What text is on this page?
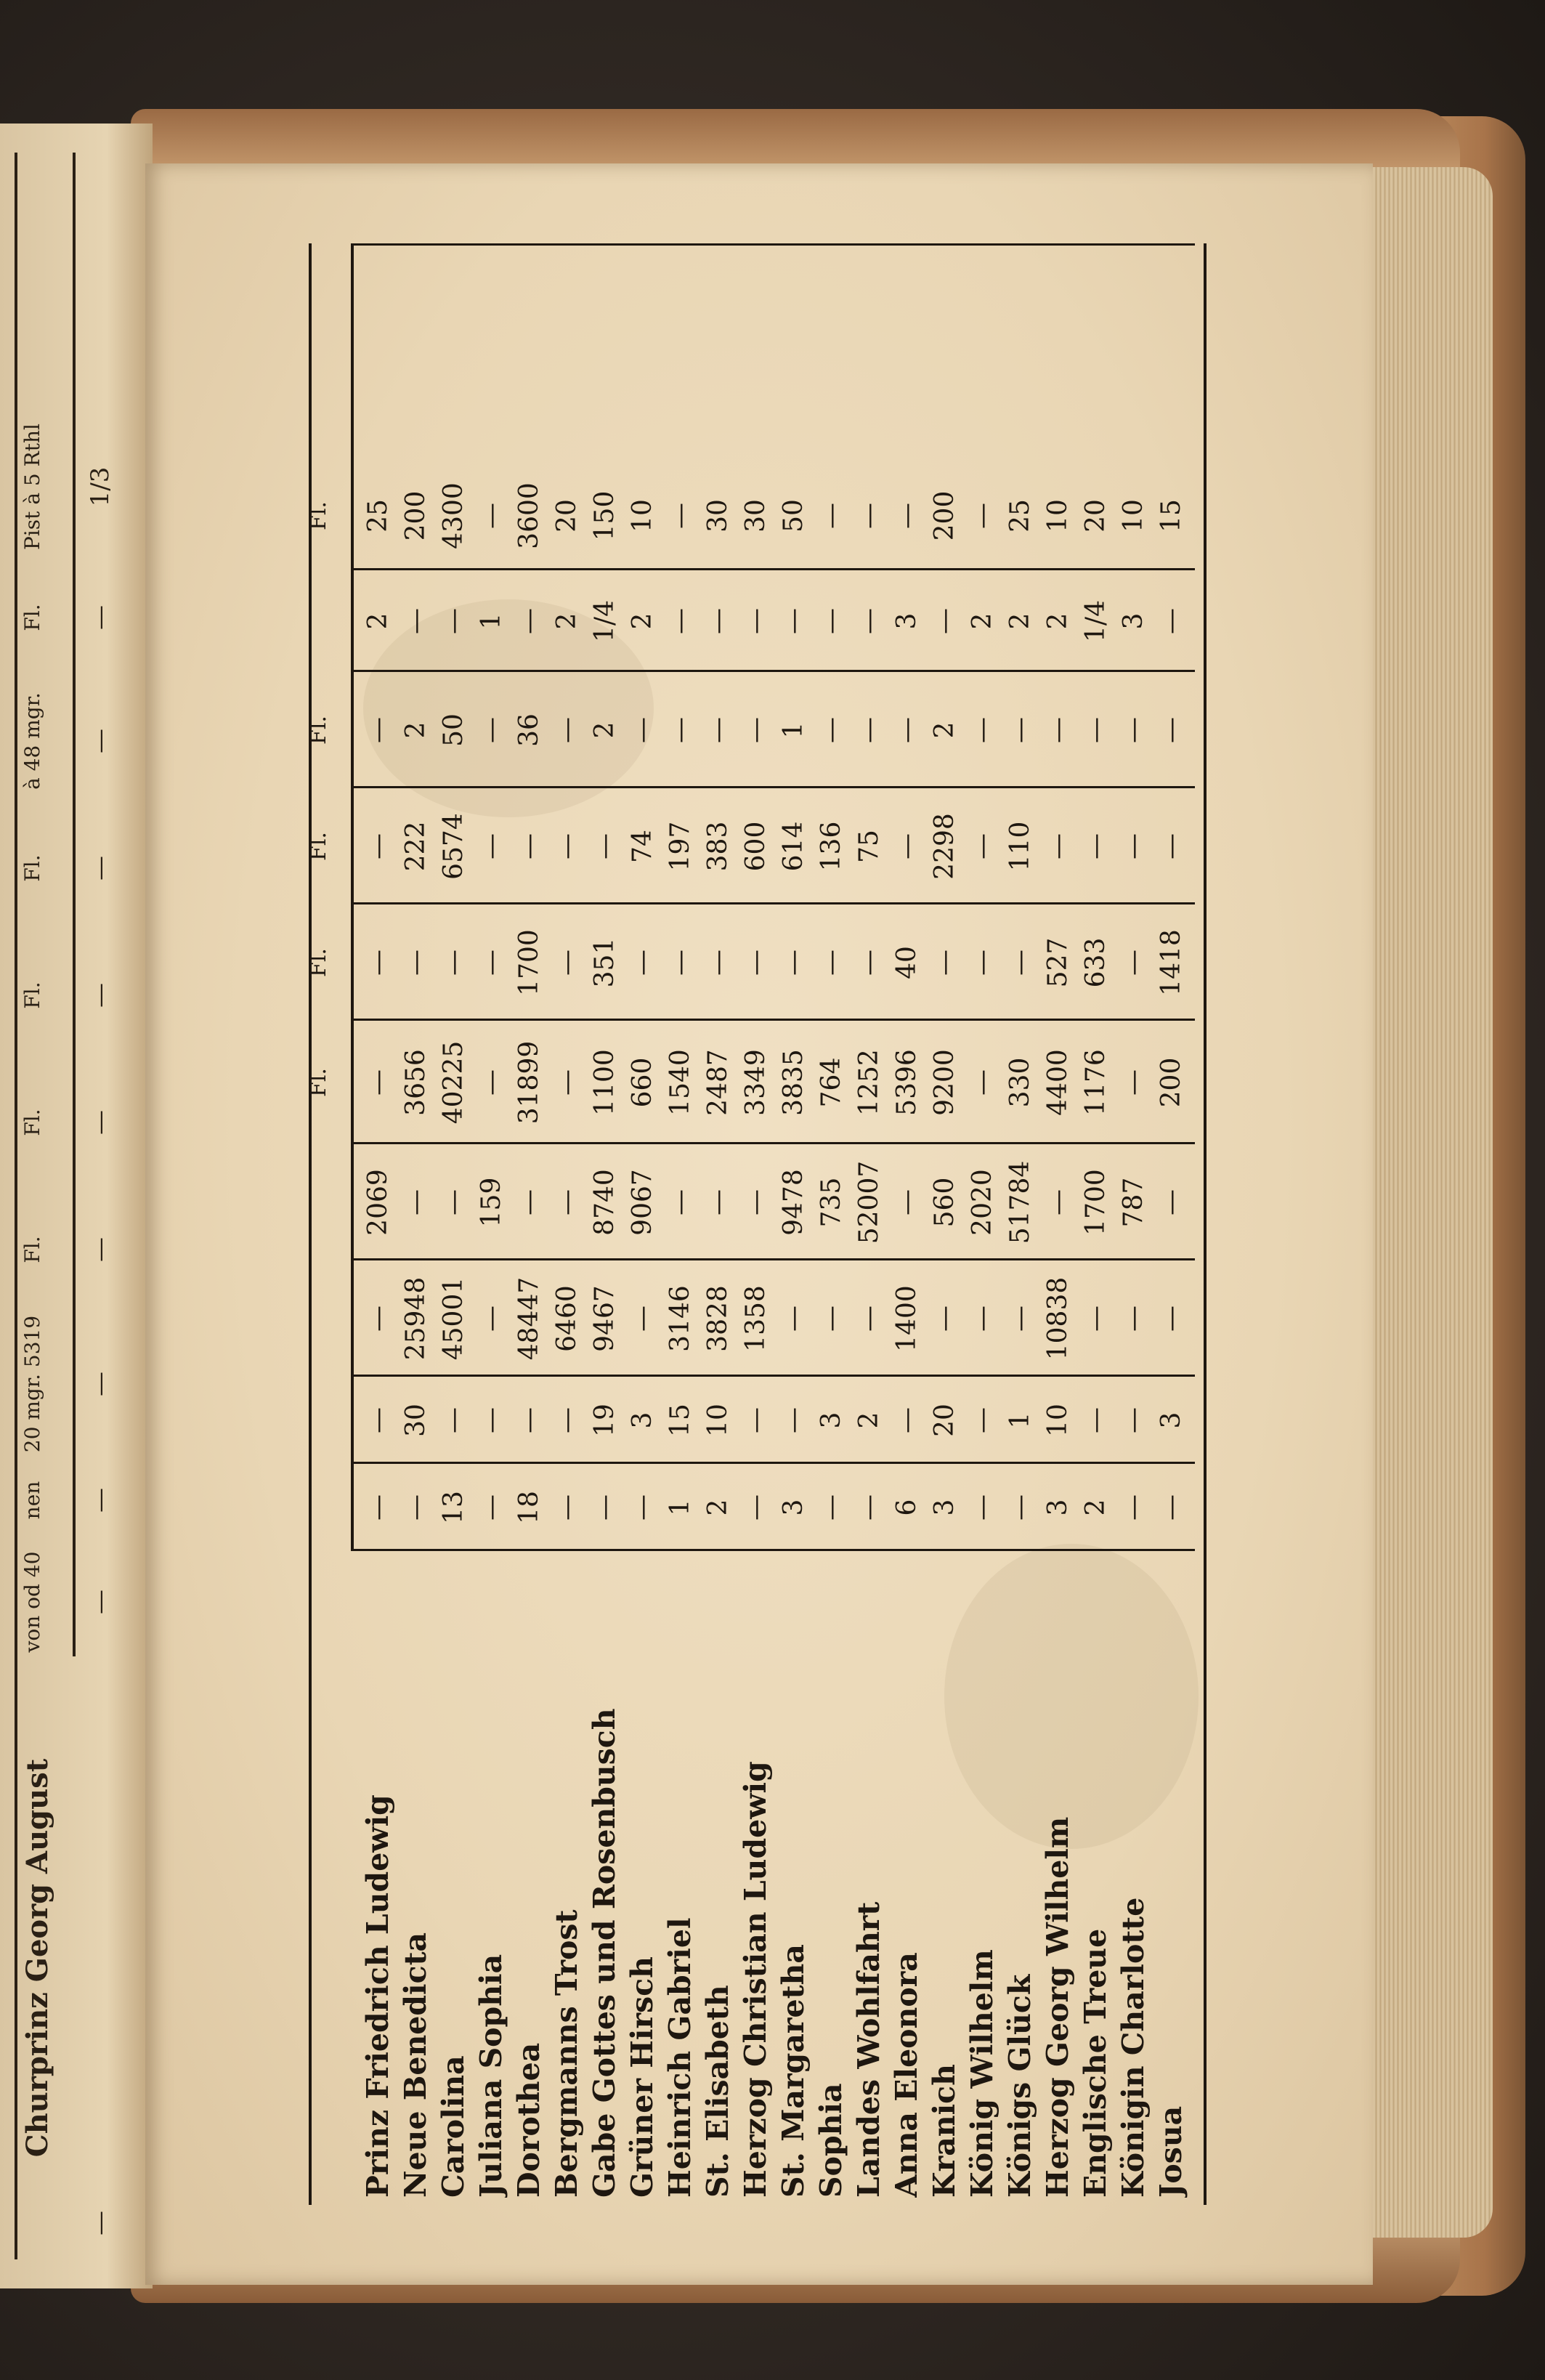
Churprinz Georg August
von od 40
nen
20 mgr. 5319
Fl.
Fl.
Fl.
Fl.
à 48 mgr.
Fl.
Pist à 5 Rthl
—
—
—
—
—
—
—
—
—
1/3
—
Fl.
Fl.
Fl.
Fl.
Fl.
Prinz Friedrich Ludewig
—
—
—
2069
—
—
—
—
2
25
Neue Benedicta
—
30
25948
—
3656
—
222
2
—
200
Carolina
13
—
45001
—
40225
—
6574
50
—
4300
Juliana Sophia
—
—
—
159
—
—
—
—
1
—
Dorothea
18
—
48447
—
31899
1700
—
36
—
3600
Bergmanns Trost
—
—
6460
—
—
—
—
—
2
20
Gabe Gottes und Rosenbusch
—
19
9467
8740
1100
351
—
2
1/4
150
Grüner Hirsch
—
3
—
9067
660
—
74
—
2
10
Heinrich Gabriel
1
15
3146
—
1540
—
197
—
—
—
St. Elisabeth
2
10
3828
—
2487
—
383
—
—
30
Herzog Christian Ludewig
—
—
1358
—
3349
—
600
—
—
30
St. Margaretha
3
—
—
9478
3835
—
614
1
—
50
Sophia
—
3
—
735
764
—
136
—
—
—
Landes Wohlfahrt
—
2
—
52007
1252
—
75
—
—
—
Anna Eleonora
6
—
1400
—
5396
40
—
—
3
—
Kranich
3
20
—
560
9200
—
2298
2
—
200
König Wilhelm
—
—
—
2020
—
—
—
—
2
—
Königs Glück
—
1
—
51784
330
—
110
—
2
25
Herzog Georg Wilhelm
3
10
10838
—
4400
527
—
—
2
10
Englische Treue
2
—
—
1700
1176
633
—
—
1/4
20
Königin Charlotte
—
—
—
787
—
—
—
—
3
10
Josua
—
3
—
—
200
1418
—
—
—
15
